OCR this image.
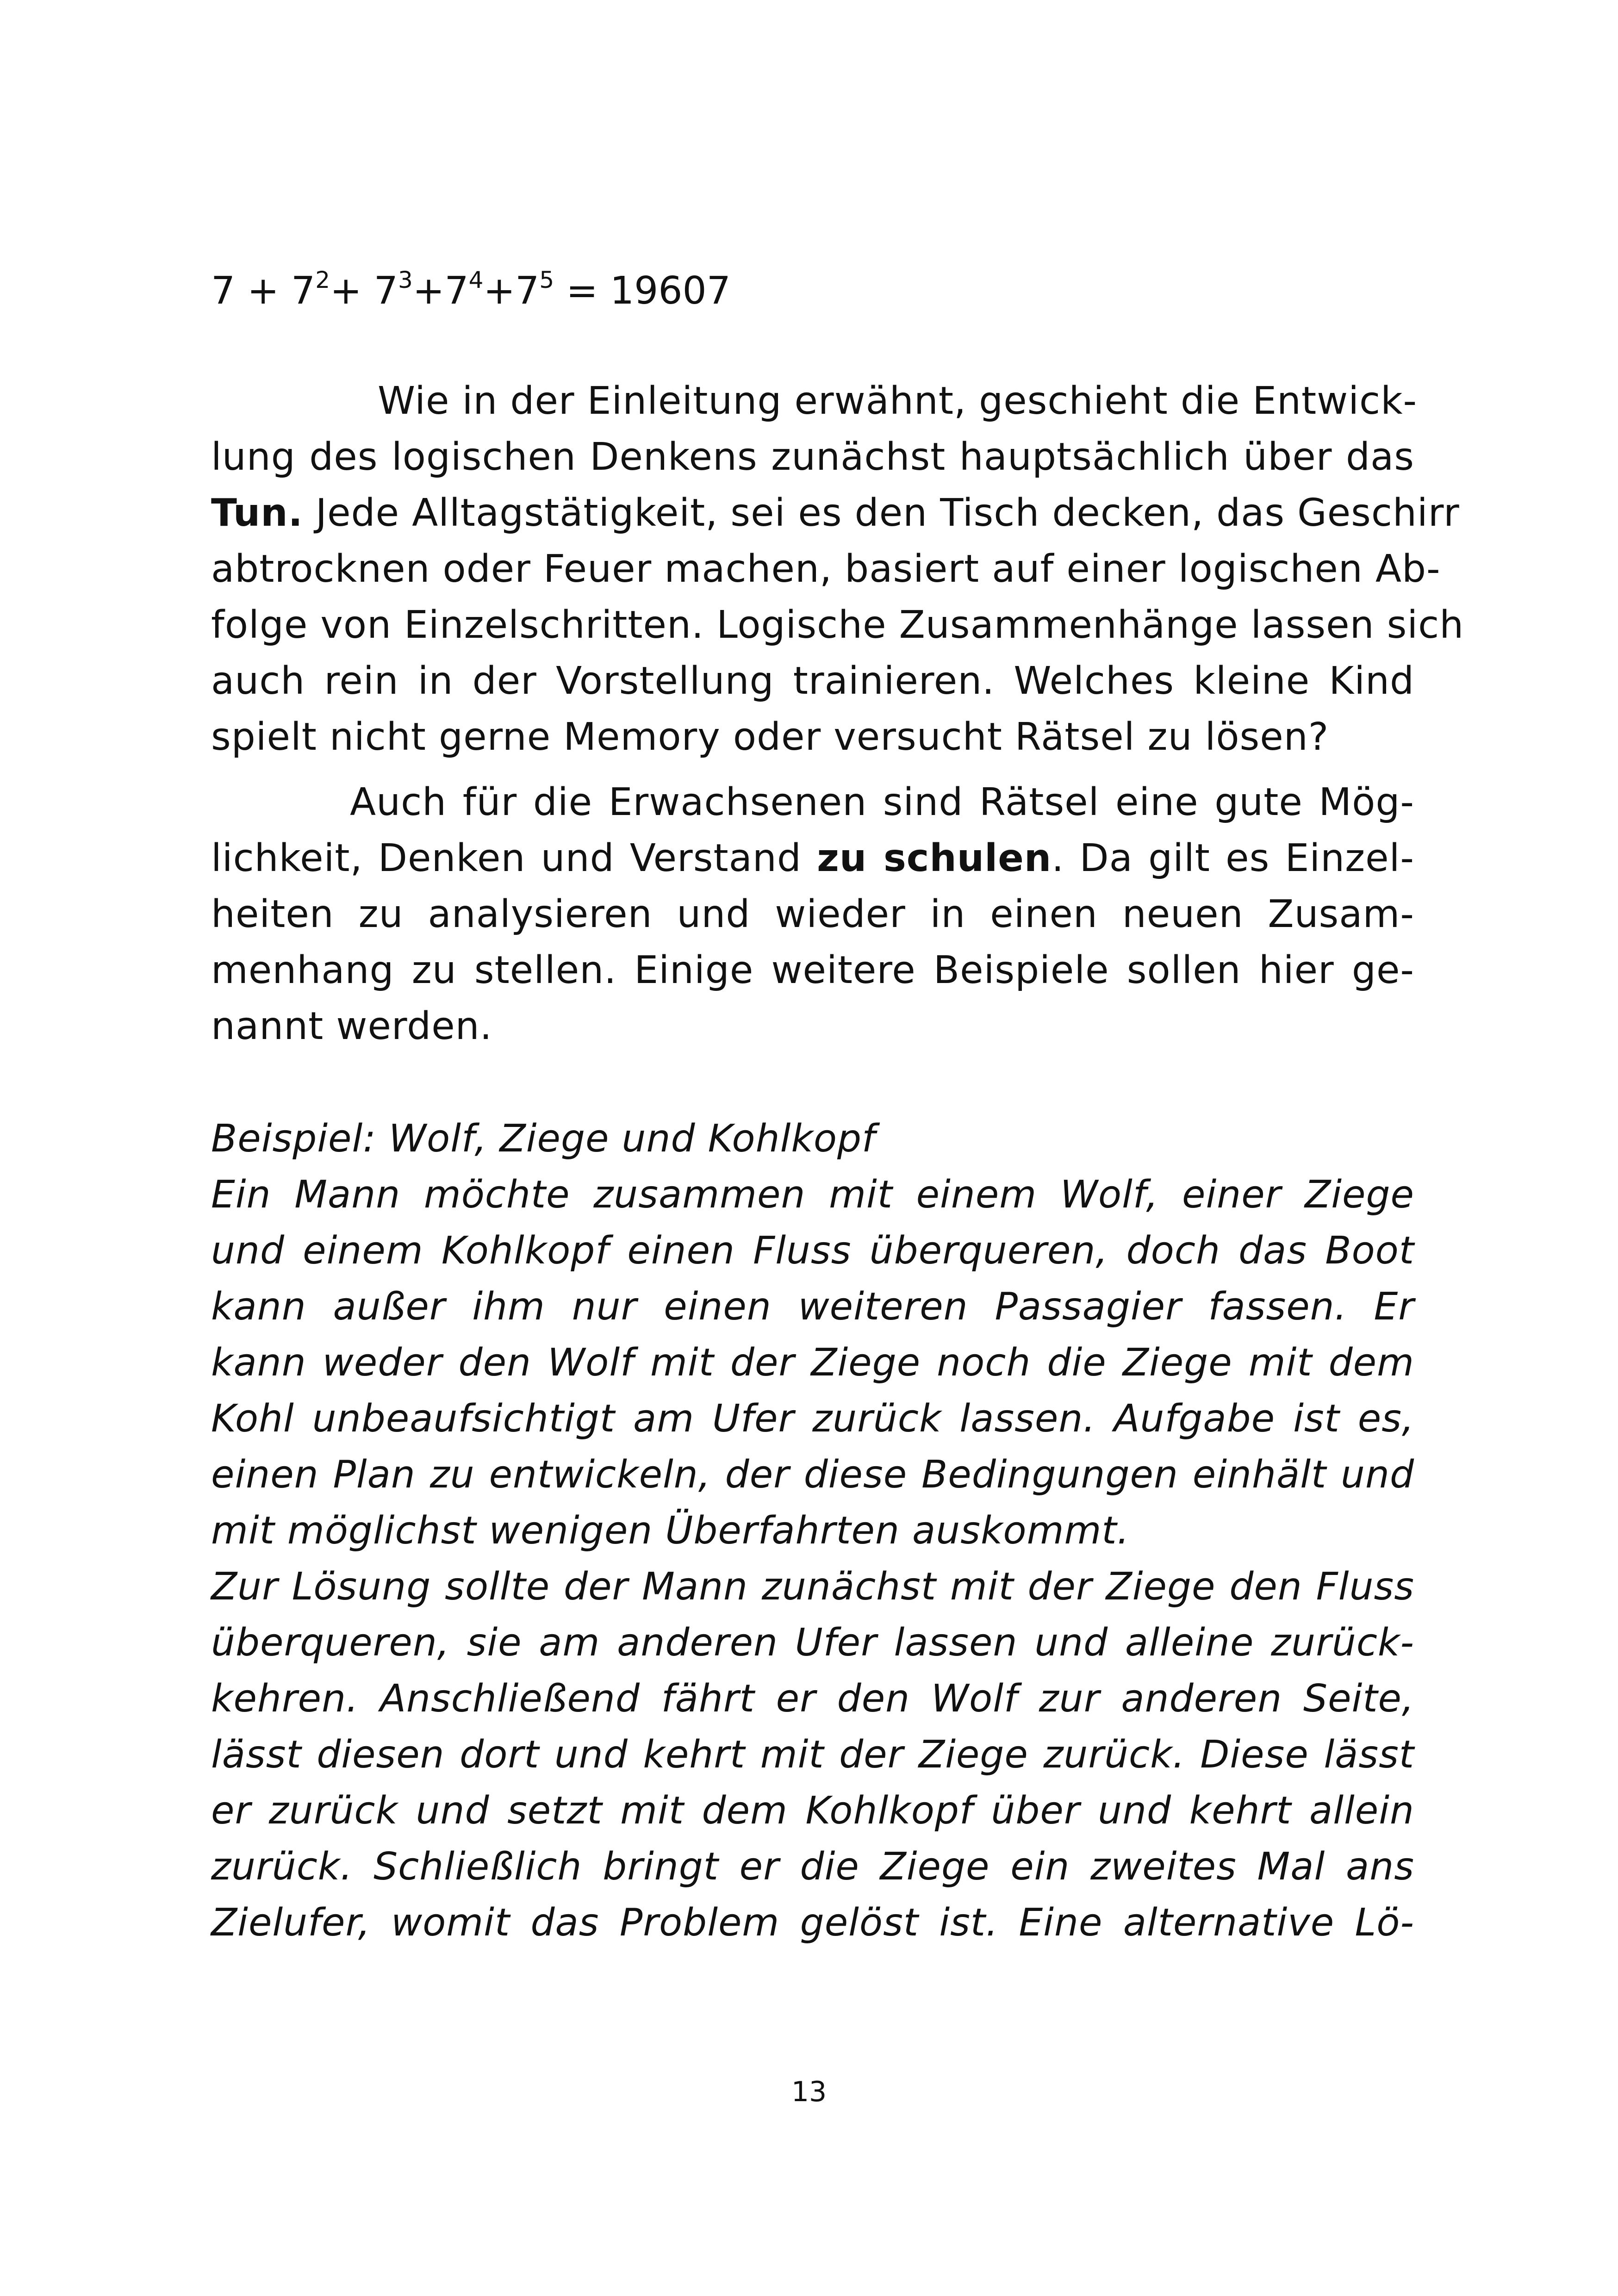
$7 + 7^2+ 7^3+7^4+7^5 = 19607$
Wie in der Einleitung erwähnt, geschieht die Entwick-
lung des logischen Denkens zunächst hauptsächlich über das
Tun. Jede Alltagstätigkeit, sei es den Tisch decken, das Geschirr
abtrocknen oder Feuer machen, basiert auf einer logischen Ab-
folge von Einzelschritten. Logische Zusammenhänge lassen sich
auch rein in der Vorstellung trainieren. Welches kleine Kind
spielt nicht gerne Memory oder versucht Rätsel zu lösen?
Auch für die Erwachsenen sind Rätsel eine gute Mög-
lichkeit, Denken und Verstand zu schulen. Da gilt es Einzel-
heiten zu analysieren und wieder in einen neuen Zusam-
menhang zu stellen. Einige weitere Beispiele sollen hier ge-
nannt werden.
Beispiel: Wolf, Ziege und Kohlkopf
Ein Mann möchte zusammen mit einem Wolf, einer Ziege
und einem Kohlkopf einen Fluss überqueren, doch das Boot
kann außer ihm nur einen weiteren Passagier fassen. Er
kann weder den Wolf mit der Ziege noch die Ziege mit dem
Kohl unbeaufsichtigt am Ufer zurück lassen. Aufgabe ist es,
einen Plan zu entwickeln, der diese Bedingungen einhält und
mit möglichst wenigen Überfahrten auskommt.
Zur Lösung sollte der Mann zunächst mit der Ziege den Fluss
überqueren, sie am anderen Ufer lassen und alleine zurück-
kehren. Anschließend fährt er den Wolf zur anderen Seite,
lässt diesen dort und kehrt mit der Ziege zurück. Diese lässt
er zurück und setzt mit dem Kohlkopf über und kehrt allein
zurück. Schließlich bringt er die Ziege ein zweites Mal ans
Zielufer, womit das Problem gelöst ist. Eine alternative Lö-
13
